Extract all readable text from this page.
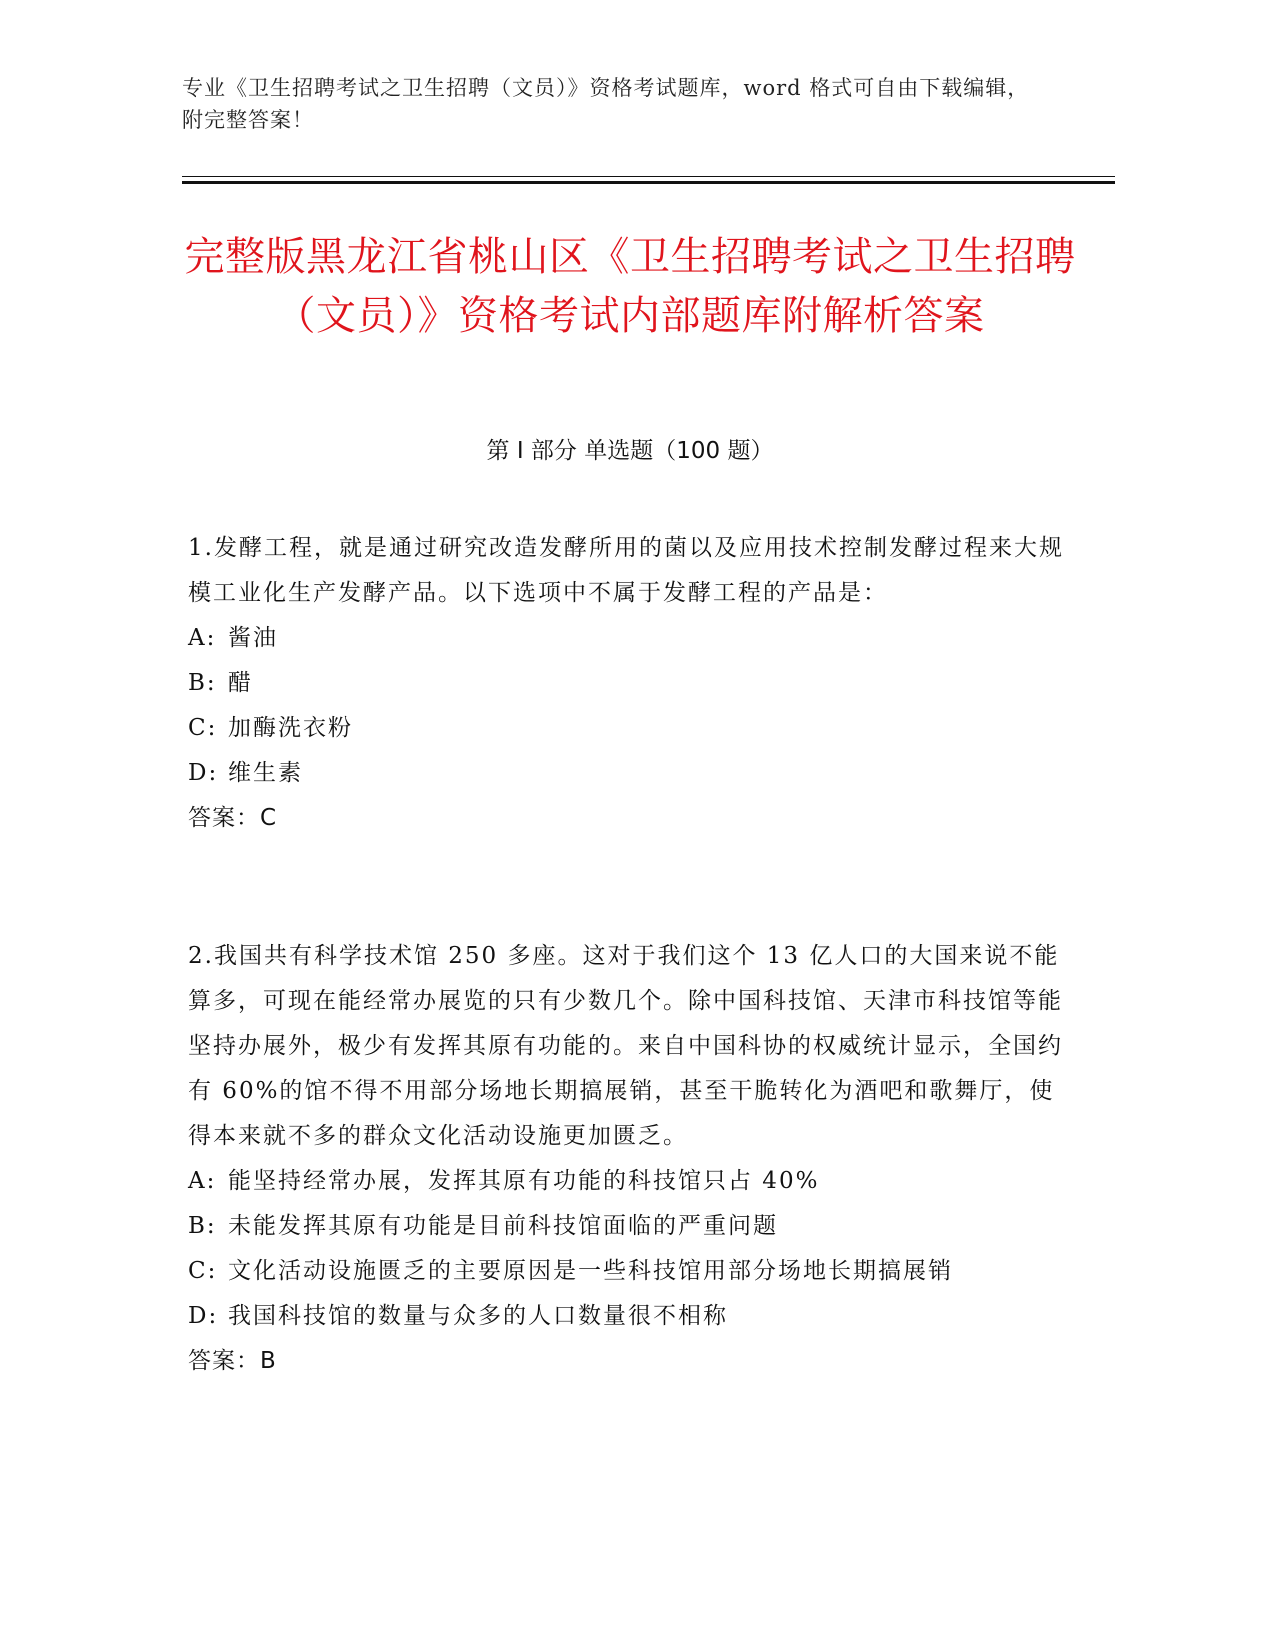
专业《卫生招聘考试之卫生招聘（文员）》资格考试题库，word 格式可自由下载编辑，附完整答案！
完整版黑龙江省桃山区《卫生招聘考试之卫生招聘（文员）》资格考试内部题库附解析答案
第 I 部分 单选题（100 题）
1.发酵工程，就是通过研究改造发酵所用的菌以及应用技术控制发酵过程来大规模工业化生产发酵产品。以下选项中不属于发酵工程的产品是：
A: 酱油
B: 醋
C: 加酶洗衣粉
D: 维生素
答案：C
2.我国共有科学技术馆 250 多座。这对于我们这个 13 亿人口的大国来说不能算多，可现在能经常办展览的只有少数几个。除中国科技馆、天津市科技馆等能坚持办展外，极少有发挥其原有功能的。来自中国科协的权威统计显示，全国约有 60%的馆不得不用部分场地长期搞展销，甚至干脆转化为酒吧和歌舞厅，使得本来就不多的群众文化活动设施更加匮乏。
A: 能坚持经常办展，发挥其原有功能的科技馆只占 40%
B: 未能发挥其原有功能是目前科技馆面临的严重问题
C: 文化活动设施匮乏的主要原因是一些科技馆用部分场地长期搞展销
D: 我国科技馆的数量与众多的人口数量很不相称
答案：B
